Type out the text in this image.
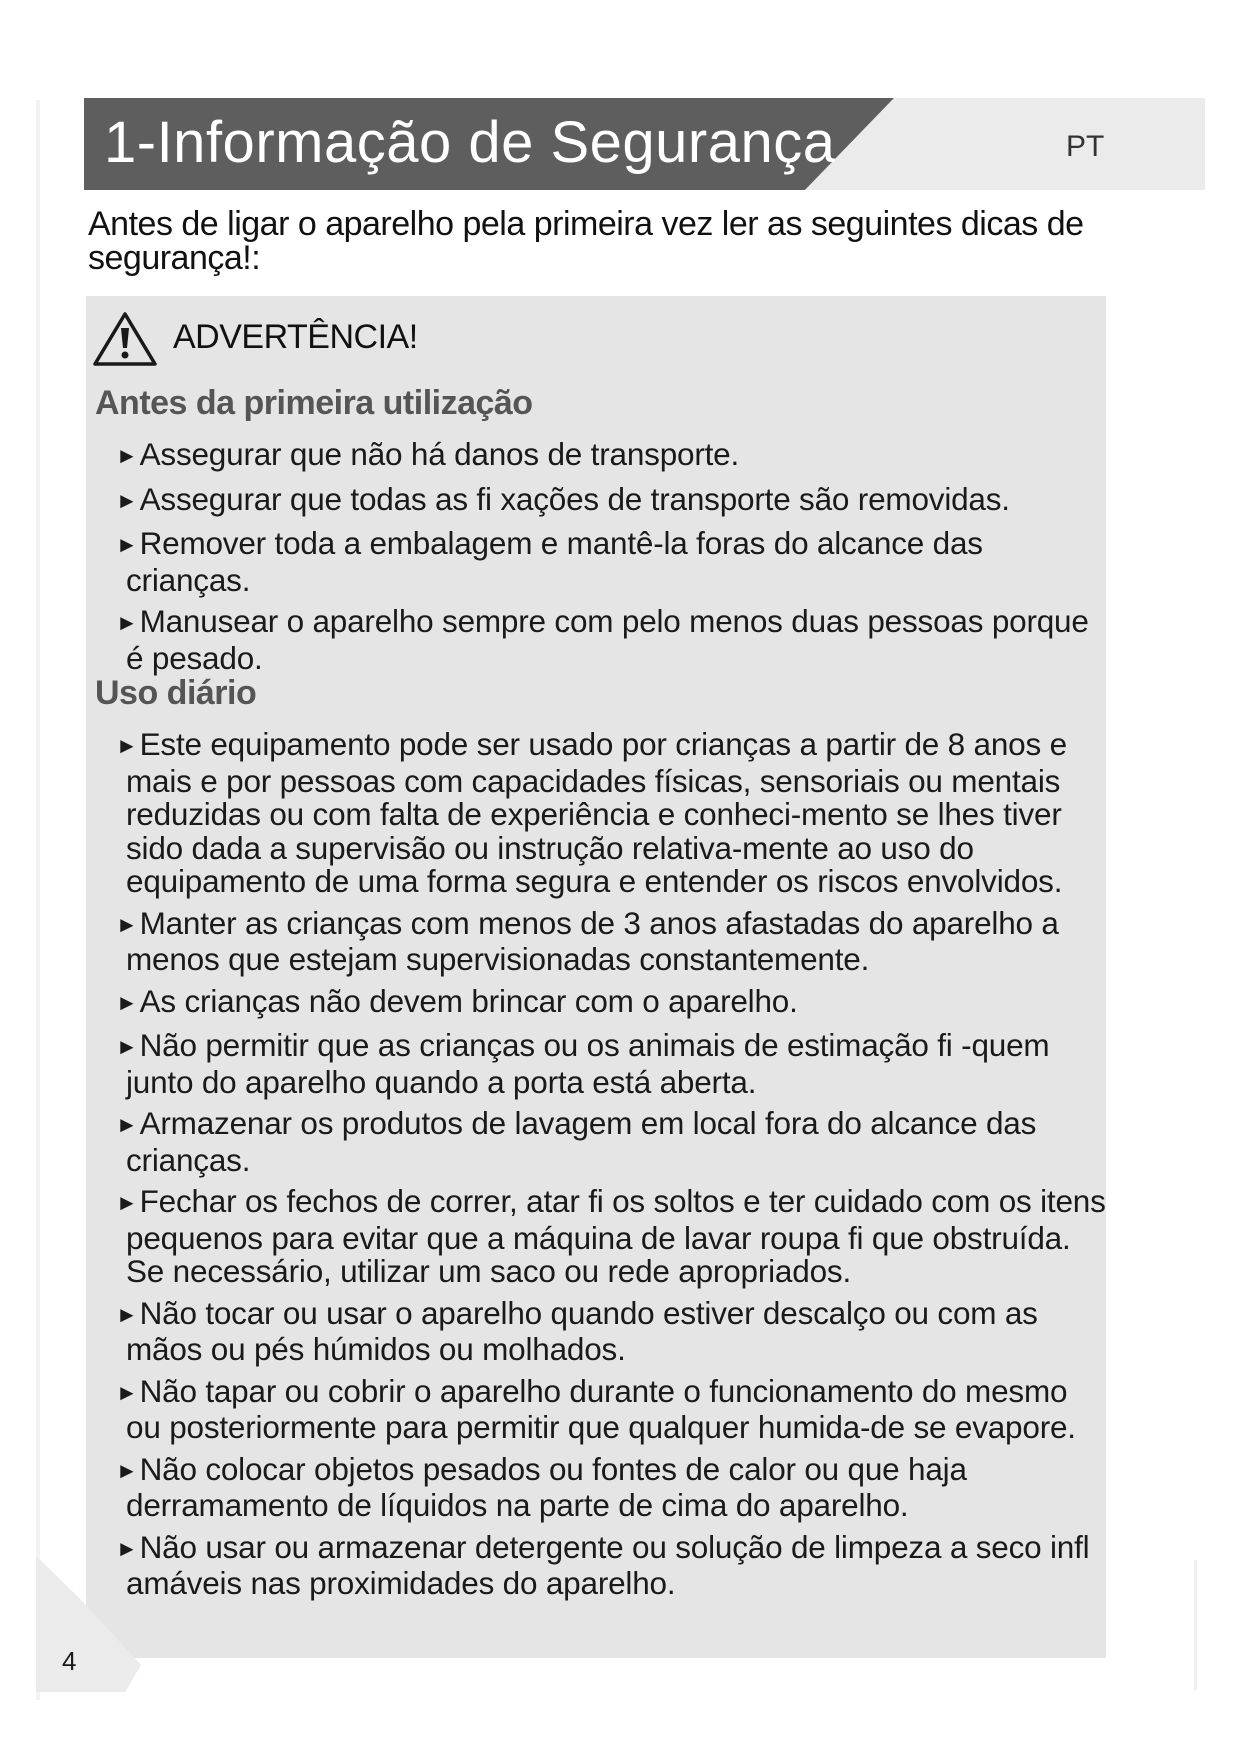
1-Informação de Segurança	PT

Antes de ligar o aparelho pela primeira vez ler as seguintes dicas de segurança!:

ADVERTÊNCIA!
Antes da primeira utilização
►Assegurar que não há danos de transporte.
►Assegurar que todas as fi xações de transporte são removidas.
►Remover toda a embalagem e mantê-la foras do alcance das crianças.
►Manusear o aparelho sempre com pelo menos duas pessoas porque é pesado.
Uso diário
►Este equipamento pode ser usado por crianças a partir de 8 anos e mais e por pessoas com capacidades físicas, sensoriais ou mentais reduzidas ou com falta de experiência e conheci-mento se lhes tiver sido dada a supervisão ou instrução relativa-mente ao uso do equipamento de uma forma segura e entender os riscos envolvidos.
►Manter as crianças com menos de 3 anos afastadas do aparelho a menos que estejam supervisionadas constantemente.
►As crianças não devem brincar com o aparelho.
►Não permitir que as crianças ou os animais de estimação fi -quem junto do aparelho quando a porta está aberta.
►Armazenar os produtos de lavagem em local fora do alcance das crianças.
►Fechar os fechos de correr, atar fi os soltos e ter cuidado com os itens pequenos para evitar que a máquina de lavar roupa fi que obstruída. Se necessário, utilizar um saco ou rede apropriados.
►Não tocar ou usar o aparelho quando estiver descalço ou com as mãos ou pés húmidos ou molhados.
►Não tapar ou cobrir o aparelho durante o funcionamento do mesmo ou posteriormente para permitir que qualquer humida-de se evapore.
►Não colocar objetos pesados ou fontes de calor ou que haja derramamento de líquidos na parte de cima do aparelho.
►Não usar ou armazenar detergente ou solução de limpeza a seco infl amáveis nas proximidades do aparelho.
4
